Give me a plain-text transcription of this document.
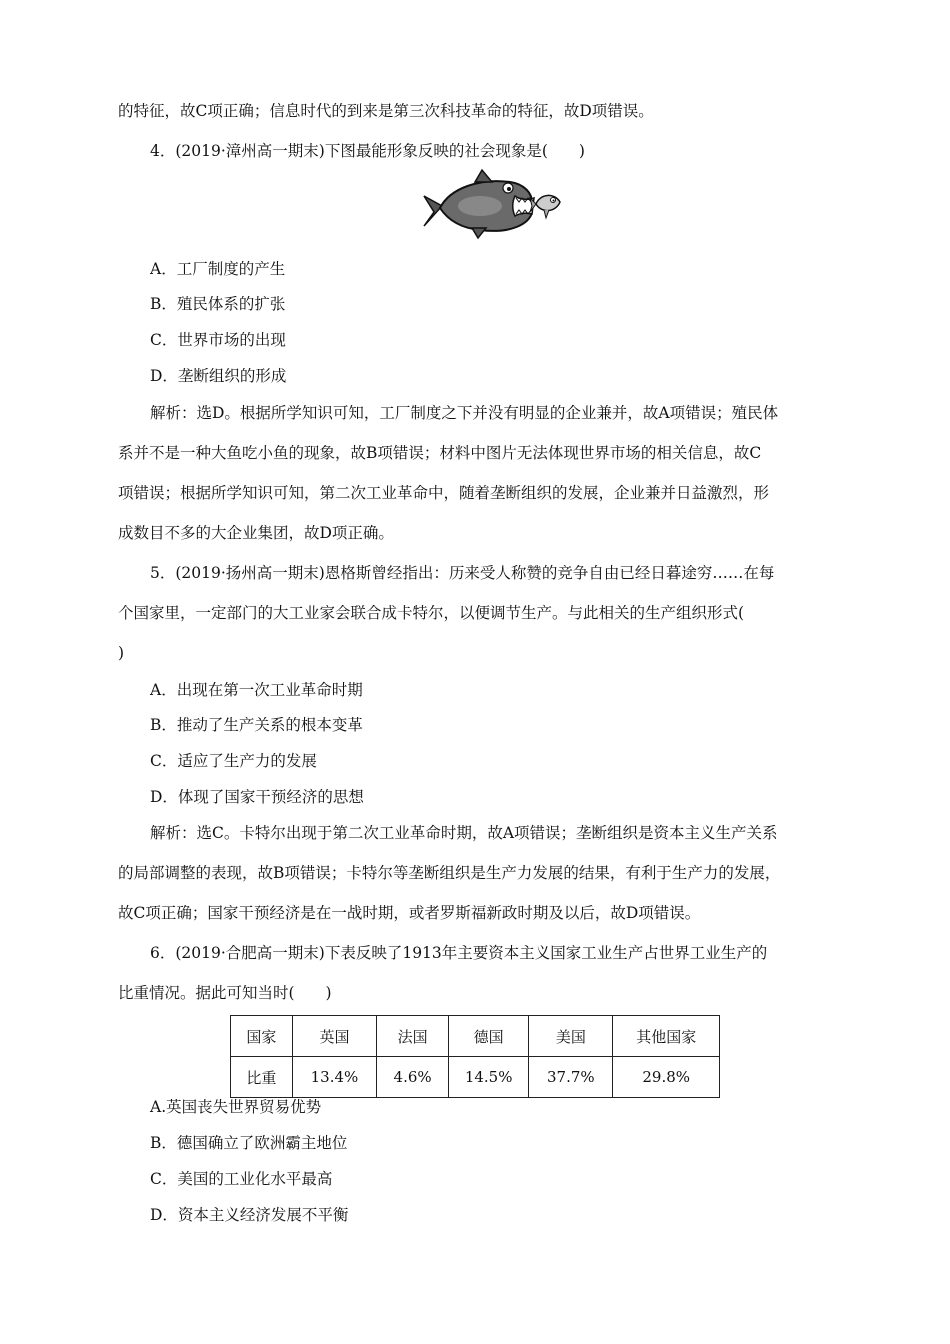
的特征，故C项正确；信息时代的到来是第三次科技革命的特征，故D项错误。
4．(2019·漳州高一期末)下图最能形象反映的社会现象是(　　)
A．工厂制度的产生
B．殖民体系的扩张
C．世界市场的出现
D．垄断组织的形成
解析：选D。根据所学知识可知，工厂制度之下并没有明显的企业兼并，故A项错误；殖民体
系并不是一种大鱼吃小鱼的现象，故B项错误；材料中图片无法体现世界市场的相关信息，故C
项错误；根据所学知识可知，第二次工业革命中，随着垄断组织的发展，企业兼并日益激烈，形
成数目不多的大企业集团，故D项正确。
5．(2019·扬州高一期末)恩格斯曾经指出：历来受人称赞的竞争自由已经日暮途穷……在每
个国家里，一定部门的大工业家会联合成卡特尔，以便调节生产。与此相关的生产组织形式(
)
A．出现在第一次工业革命时期
B．推动了生产关系的根本变革
C．适应了生产力的发展
D．体现了国家干预经济的思想
解析：选C。卡特尔出现于第二次工业革命时期，故A项错误；垄断组织是资本主义生产关系
的局部调整的表现，故B项错误；卡特尔等垄断组织是生产力发展的结果，有利于生产力的发展，
故C项正确；国家干预经济是在一战时期，或者罗斯福新政时期及以后，故D项错误。
6．(2019·合肥高一期末)下表反映了1913年主要资本主义国家工业生产占世界工业生产的
比重情况。据此可知当时(　　)
国家	英国	法国	德国	美国	其他国家
比重	13.4%	4.6%	14.5%	37.7%	29.8%
A.英国丧失世界贸易优势
B．德国确立了欧洲霸主地位
C．美国的工业化水平最高
D．资本主义经济发展不平衡
